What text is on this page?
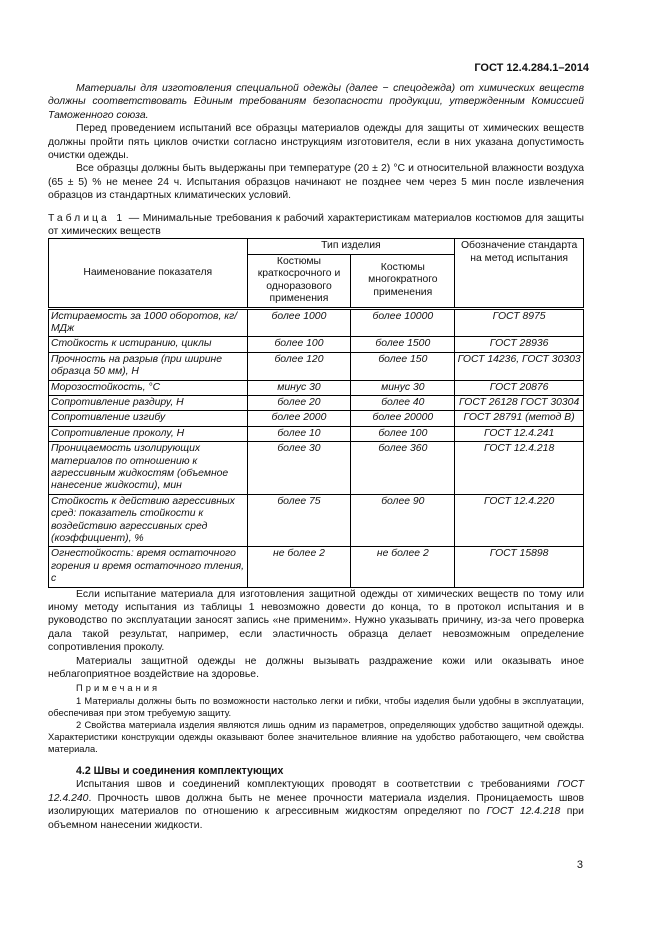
ГОСТ 12.4.284.1–2014

Материалы для изготовления специальной одежды (далее − спецодежда) от химических веществ должны соответствовать Единым требованиям безопасности продукции, утвержденным Комиссией Таможенного союза.

Перед проведением испытаний все образцы материалов одежды для защиты от химических веществ должны пройти пять циклов очистки согласно инструкциям изготовителя, если в них указана допустимость очистки одежды.

Все образцы должны быть выдержаны при температуре (20 ± 2) °С и относительной влажности воздуха (65 ± 5) % не менее 24 ч. Испытания образцов начинают не позднее чем через 5 мин после извлечения образцов из стандартных климатических условий.

Таблица 1 — Минимальные требования к рабочий характеристикам материалов костюмов для защиты от химических веществ

Наименование показателя	Тип изделия		Обозначение стандарта на метод испытания
	Костюмы краткосрочного и одноразового применения	Костюмы многократного применения	
Истираемость за 1000 оборотов, кг/МДж	более 1000	более 10000	ГОСТ 8975
Стойкость к истиранию, циклы	более 100	более 1500	ГОСТ 28936
Прочность на разрыв (при ширине образца 50 мм), Н	более 120	более 150	ГОСТ 14236, ГОСТ 30303
Морозостойкость, °С	минус 30	минус 30	ГОСТ 20876
Сопротивление раздиру, Н	более 20	более 40	ГОСТ 26128 ГОСТ 30304
Сопротивление изгибу	более 2000	более 20000	ГОСТ 28791 (метод В)
Сопротивление проколу, Н	более 10	более 100	ГОСТ 12.4.241
Проницаемость изолирующих материалов по отношению к агрессивным жидкостям (объемное нанесение жидкости), мин	более 30	более 360	ГОСТ 12.4.218
Стойкость к действию агрессивных сред: показатель стойкости к воздействию агрессивных сред (коэффициент), %	более 75	более 90	ГОСТ 12.4.220
Огнестойкость: время остаточного горения и время остаточного тления, с	не более 2	не более 2	ГОСТ 15898

Если испытание материала для изготовления защитной одежды от химических веществ по тому или иному методу испытания из таблицы 1 невозможно довести до конца, то в протокол испытания и в руководство по эксплуатации заносят запись «не применим». Нужно указывать причину, из-за чего проверка дала такой результат, например, если эластичность образца делает невозможным определение сопротивления проколу.

Материалы защитной одежды не должны вызывать раздражение кожи или оказывать иное неблагоприятное воздействие на здоровье.

Примечания

1 Материалы должны быть по возможности настолько легки и гибки, чтобы изделия были удобны в эксплуатации, обеспечивая при этом требуемую защиту.

2 Свойства материала изделия являются лишь одним из параметров, определяющих удобство защитной одежды. Характеристики конструкции одежды оказывают более значительное влияние на удобство работающего, чем свойства материала.

4.2 Швы и соединения комплектующих

Испытания швов и соединений комплектующих проводят в соответствии с требованиями ГОСТ 12.4.240. Прочность швов должна быть не менее прочности материала изделия. Проницаемость швов изолирующих материалов по отношению к агрессивным жидкостям определяют по ГОСТ 12.4.218 при объемном нанесении жидкости.

3
